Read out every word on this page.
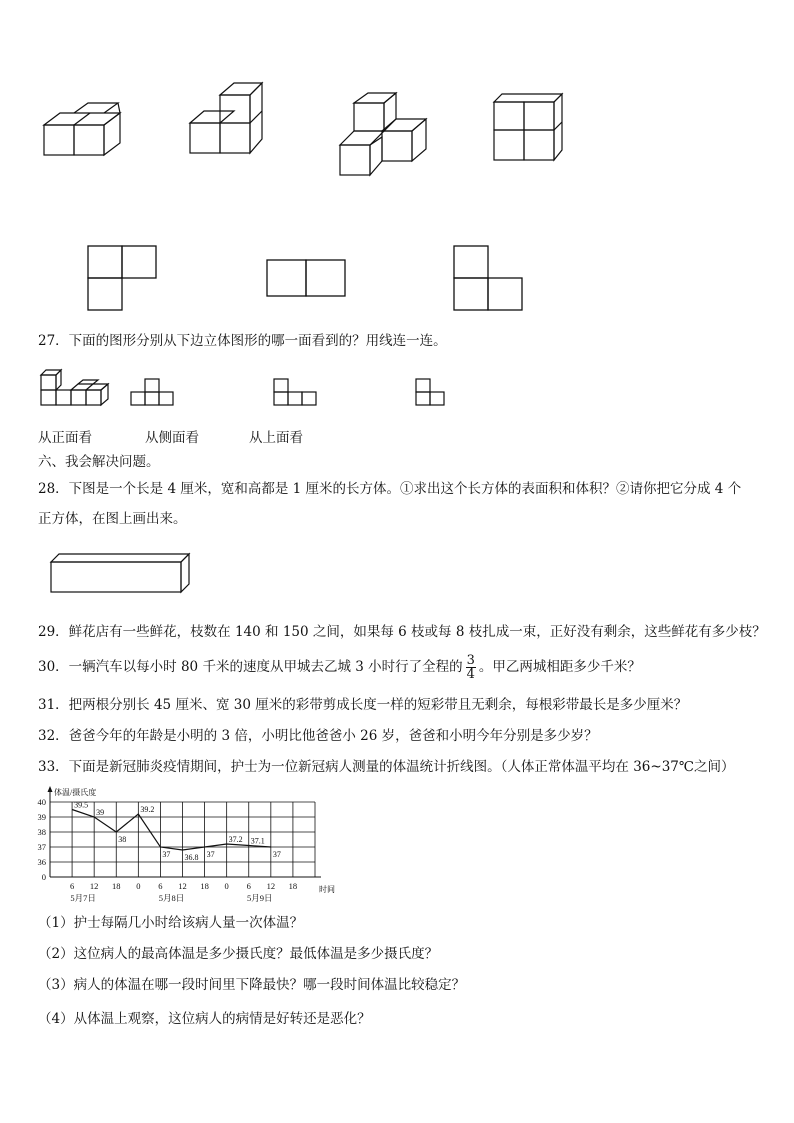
27．下面的图形分别从下边立体图形的哪一面看到的？用线连一连。
从正面看	从侧面看	从上面看
六、我会解决问题。
28．下图是一个长是 4 厘米，宽和高都是 1 厘米的长方体。①求出这个长方体的表面积和体积？②请你把它分成 4 个
正方体，在图上画出来。
29．鲜花店有一些鲜花，枝数在 140 和 150 之间，如果每 6 枝或每 8 枝扎成一束，正好没有剩余，这些鲜花有多少枝？
30．一辆汽车以每小时 80 千米的速度从甲城去乙城 3 小时行了全程的 $\frac{3}{4}$ 。甲乙两城相距多少千米？
31．把两根分别长 45 厘米、宽 30 厘米的彩带剪成长度一样的短彩带且无剩余，每根彩带最长是多少厘米？
32．爸爸今年的年龄是小明的 3 倍，小明比他爸爸小 26 岁，爸爸和小明今年分别是多少岁？
33．下面是新冠肺炎疫情期间，护士为一位新冠病人测量的体温统计折线图。（人体正常体温平均在 36~37℃之间）
0
36
37
38
39
40
体温/摄氏度
6 12 18 0 6 12 18 0 6 12 18	时间
5月7日	5月8日	5月9日
39.5
39
38
39.2
37 36.8 37
37.2 37.1
37
（1）护士每隔几小时给该病人量一次体温？
（2）这位病人的最高体温是多少摄氏度？最低体温是多少摄氏度？
（3）病人的体温在哪一段时间里下降最快？哪一段时间体温比较稳定？
（4）从体温上观察，这位病人的病情是好转还是恶化？
